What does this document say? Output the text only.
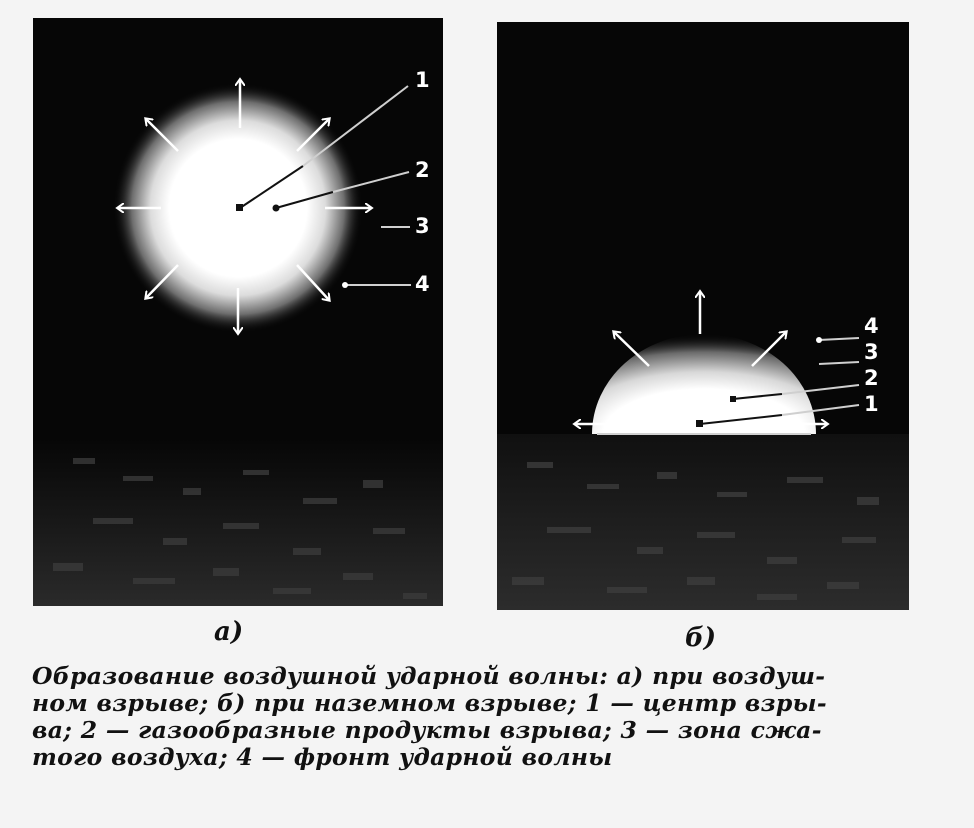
1
2
3
4
4
3
2
1
а)	б)
Образование воздушной ударной волны: а) при воздуш-
ном взрыве; б) при наземном взрыве; 1 — центр взры-
ва; 2 — газообразные продукты взрыва; 3 — зона сжа-
того воздуха; 4 — фронт ударной волны
